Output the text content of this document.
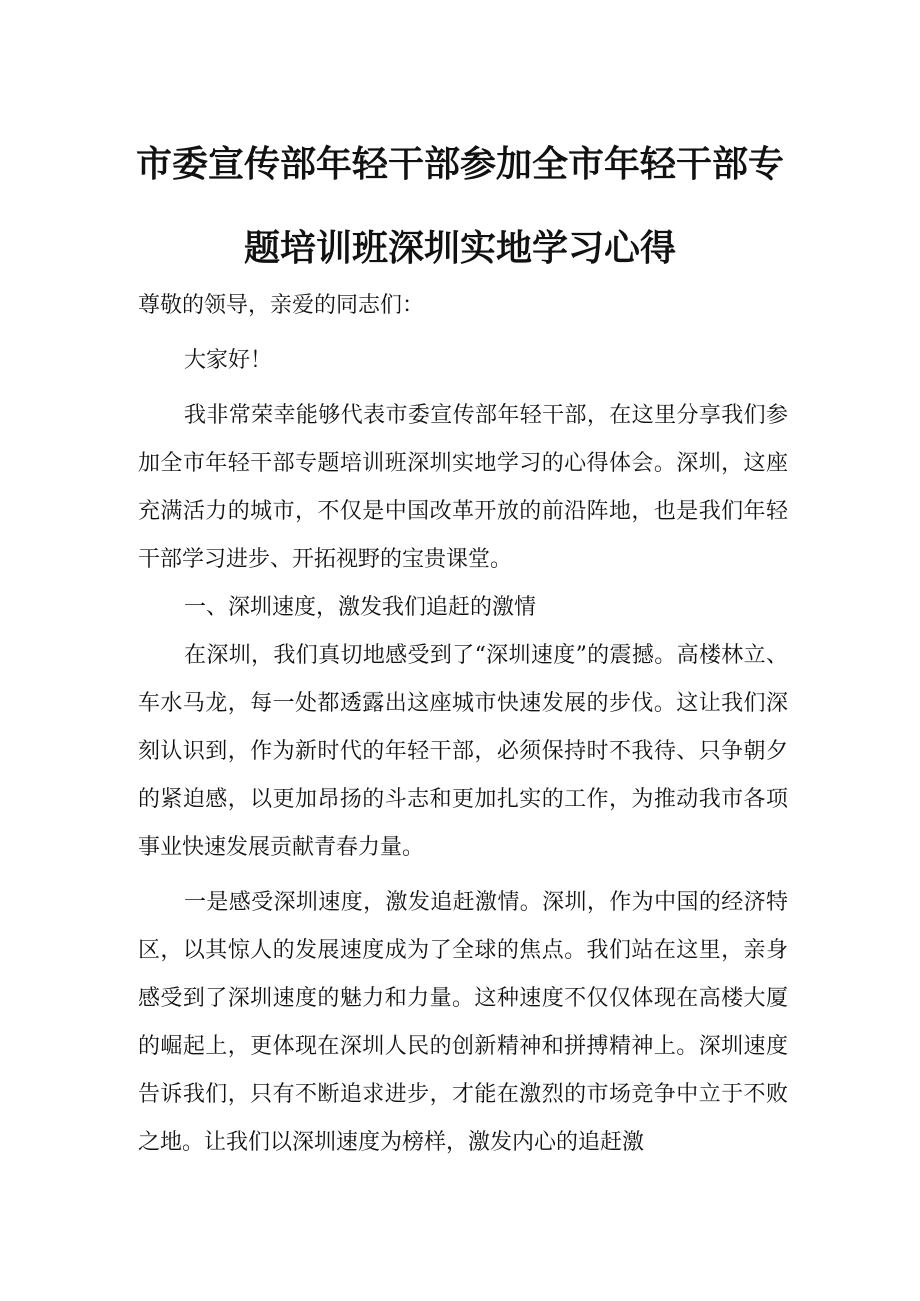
市委宣传部年轻干部参加全市年轻干部专
题培训班深圳实地学习心得

尊敬的领导，亲爱的同志们：

大家好！

我非常荣幸能够代表市委宣传部年轻干部，在这里分享我们参加全市年轻干部专题培训班深圳实地学习的心得体会。深圳，这座充满活力的城市，不仅是中国改革开放的前沿阵地，也是我们年轻干部学习进步、开拓视野的宝贵课堂。

一、深圳速度，激发我们追赶的激情

在深圳，我们真切地感受到了“深圳速度”的震撼。高楼林立、车水马龙，每一处都透露出这座城市快速发展的步伐。这让我们深刻认识到，作为新时代的年轻干部，必须保持时不我待、只争朝夕的紧迫感，以更加昂扬的斗志和更加扎实的工作，为推动我市各项事业快速发展贡献青春力量。

一是感受深圳速度，激发追赶激情。深圳，作为中国的经济特区，以其惊人的发展速度成为了全球的焦点。我们站在这里，亲身感受到了深圳速度的魅力和力量。这种速度不仅仅体现在高楼大厦的崛起上，更体现在深圳人民的创新精神和拼搏精神上。深圳速度告诉我们，只有不断追求进步，才能在激烈的市场竞争中立于不败之地。让我们以深圳速度为榜样，激发内心的追赶激
